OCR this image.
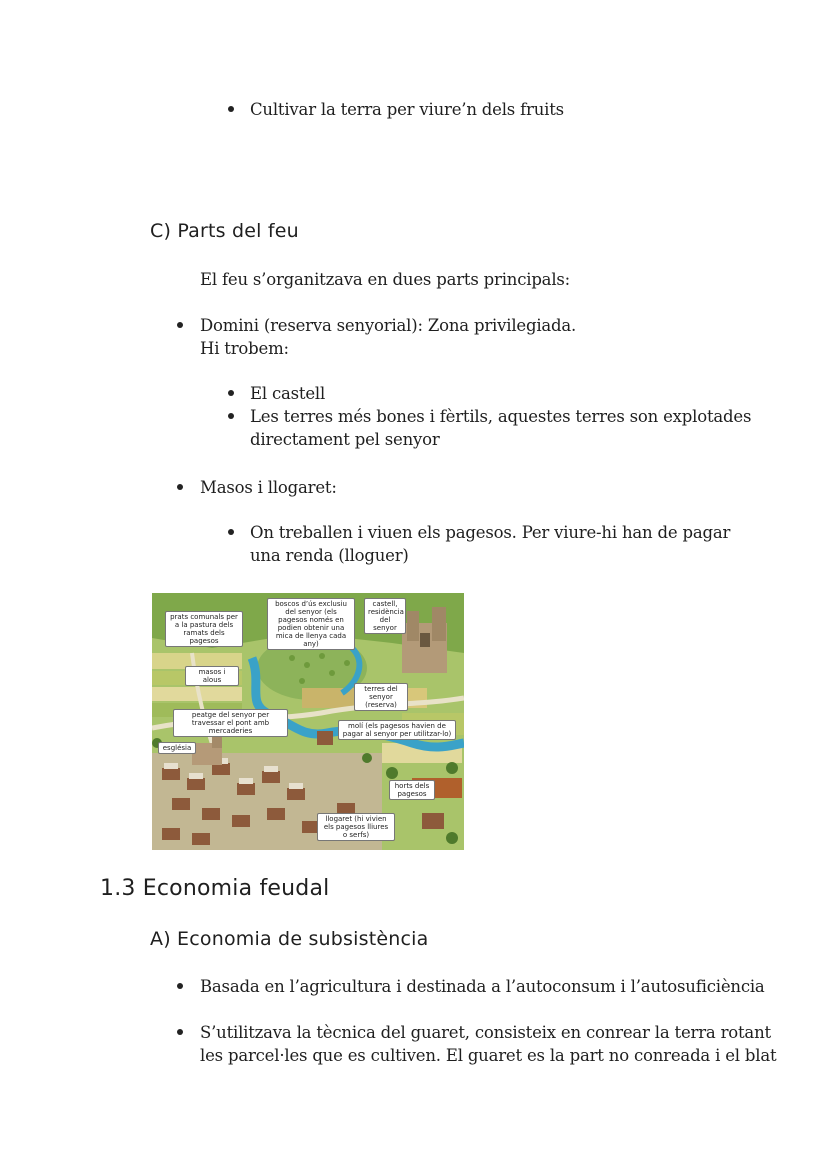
Cultivar la terra per viure’n dels fruits
C) Parts del feu
El feu s’organitzava en dues parts principals:
Domini (reserva senyorial): Zona privilegiada.
Hi trobem:
El castell
Les terres més bones i fèrtils, aquestes terres son explotades
directament pel senyor
Masos i llogaret:
On treballen i viuen els pagesos. Per viure-hi han de pagar
una renda (lloguer)
prats comunals per a la pastura dels ramats dels pagesos
boscos d’ús exclusiu del senyor (els pagesos només en podien obtenir una mica de llenya cada any)
castell, residència del senyor
masos i alous
terres del senyor (reserva)
peatge del senyor per travessar el pont amb mercaderies
molí (els pagesos havien de pagar al senyor per utilitzar-lo)
església
horts dels pagesos
llogaret (hi vivien els pagesos lliures o serfs)
1.3 Economia feudal
A) Economia de subsistència
Basada en l’agricultura i destinada a l’autoconsum i l’autosuficiència
S’utilitzava la tècnica del guaret, consisteix en conrear la terra rotant
les parcel·les que es cultiven. El guaret es la part no conreada i el blat
